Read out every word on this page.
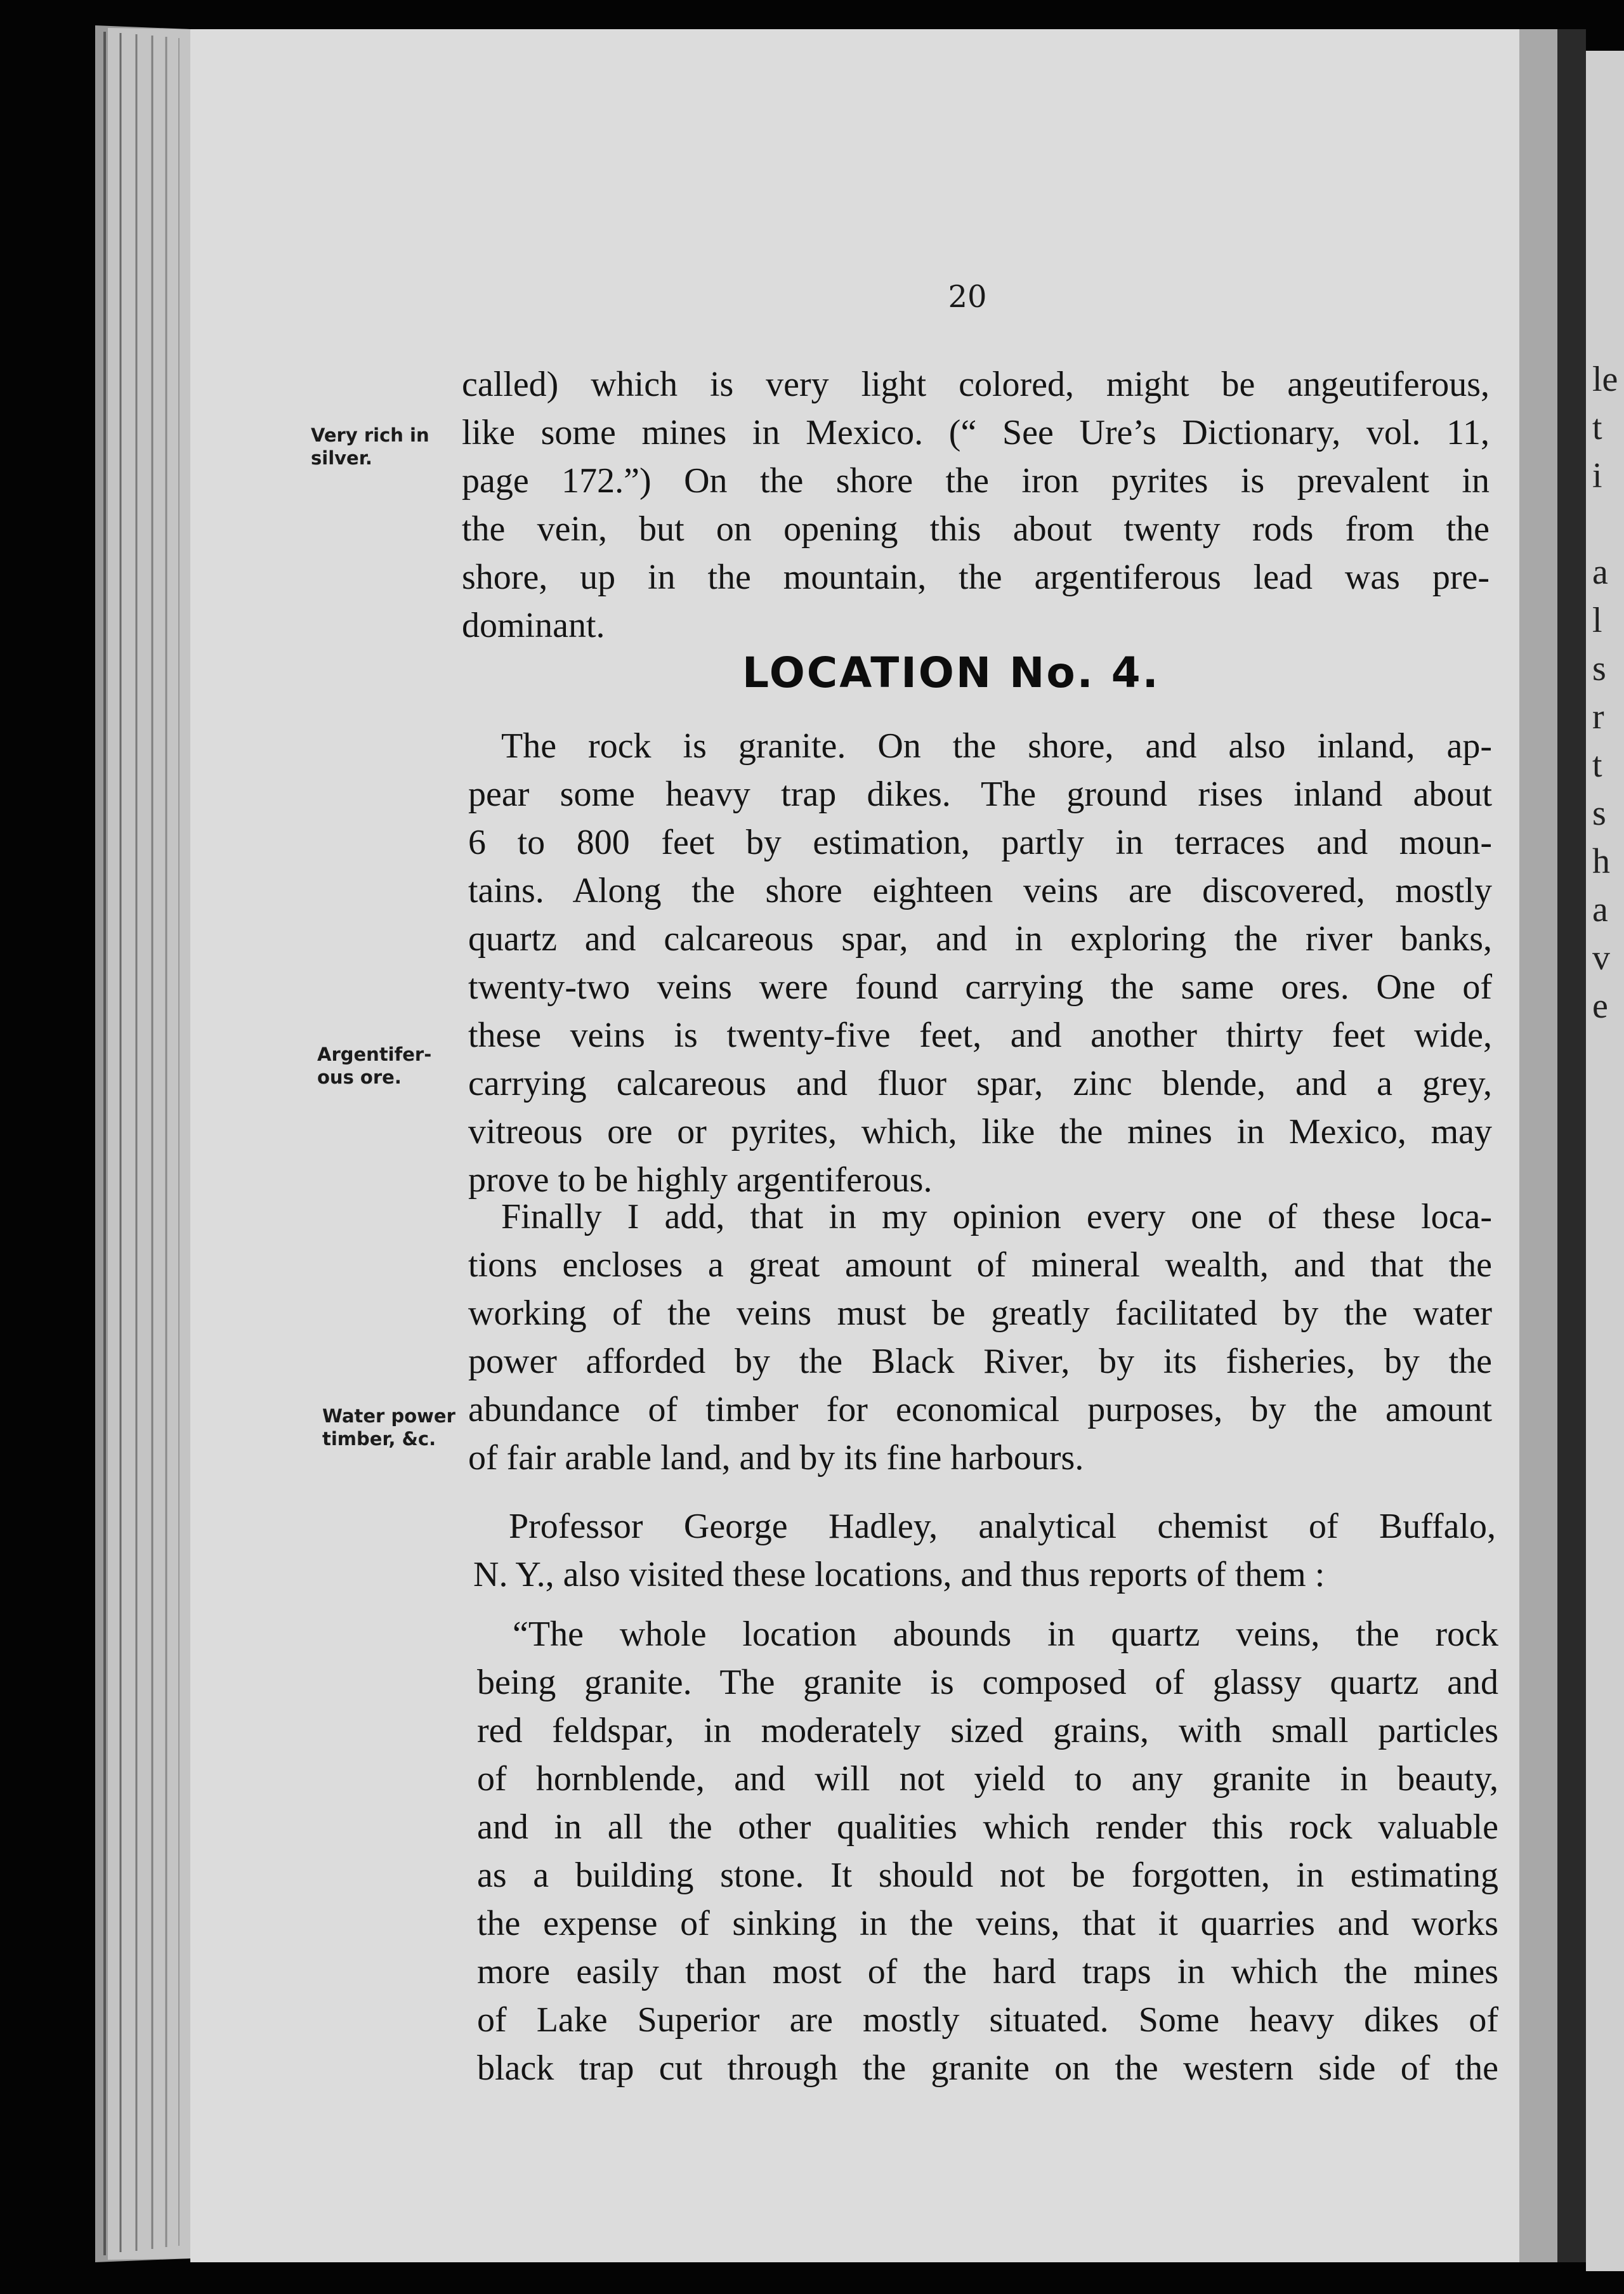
20
called) which is very light colored, might be angeutiferous,
like some mines in Mexico. (“ See Ure’s Dictionary, vol. 11,
page 172.”) On the shore the iron pyrites is prevalent in
the vein, but on opening this about twenty rods from the
shore, up in the mountain, the argentiferous lead was pre-
dominant.
LOCATION No. 4.
The rock is granite. On the shore, and also inland, ap-
pear some heavy trap dikes. The ground rises inland about
6 to 800 feet by estimation, partly in terraces and moun-
tains. Along the shore eighteen veins are discovered, mostly
quartz and calcareous spar, and in exploring the river banks,
twenty-two veins were found carrying the same ores. One of
these veins is twenty-five feet, and another thirty feet wide,
carrying calcareous and fluor spar, zinc blende, and a grey,
vitreous ore or pyrites, which, like the mines in Mexico, may
prove to be highly argentiferous.
Finally I add, that in my opinion every one of these loca-
tions encloses a great amount of mineral wealth, and that the
working of the veins must be greatly facilitated by the water
power afforded by the Black River, by its fisheries, by the
abundance of timber for economical purposes, by the amount
of fair arable land, and by its fine harbours.
Professor George Hadley, analytical chemist of Buffalo,
N. Y., also visited these locations, and thus reports of them :
“The whole location abounds in quartz veins, the rock
being granite. The granite is composed of glassy quartz and
red feldspar, in moderately sized grains, with small particles
of hornblende, and will not yield to any granite in beauty,
and in all the other qualities which render this rock valuable
as a building stone. It should not be forgotten, in estimating
the expense of sinking in the veins, that it quarries and works
more easily than most of the hard traps in which the mines
of Lake Superior are mostly situated. Some heavy dikes of
black trap cut through the granite on the western side of the
Very rich in
silver.
Argentifer-
ous ore.
Water power
timber, &c.
le
t
i
a
l
s
r
t
s
h
a
v
e
